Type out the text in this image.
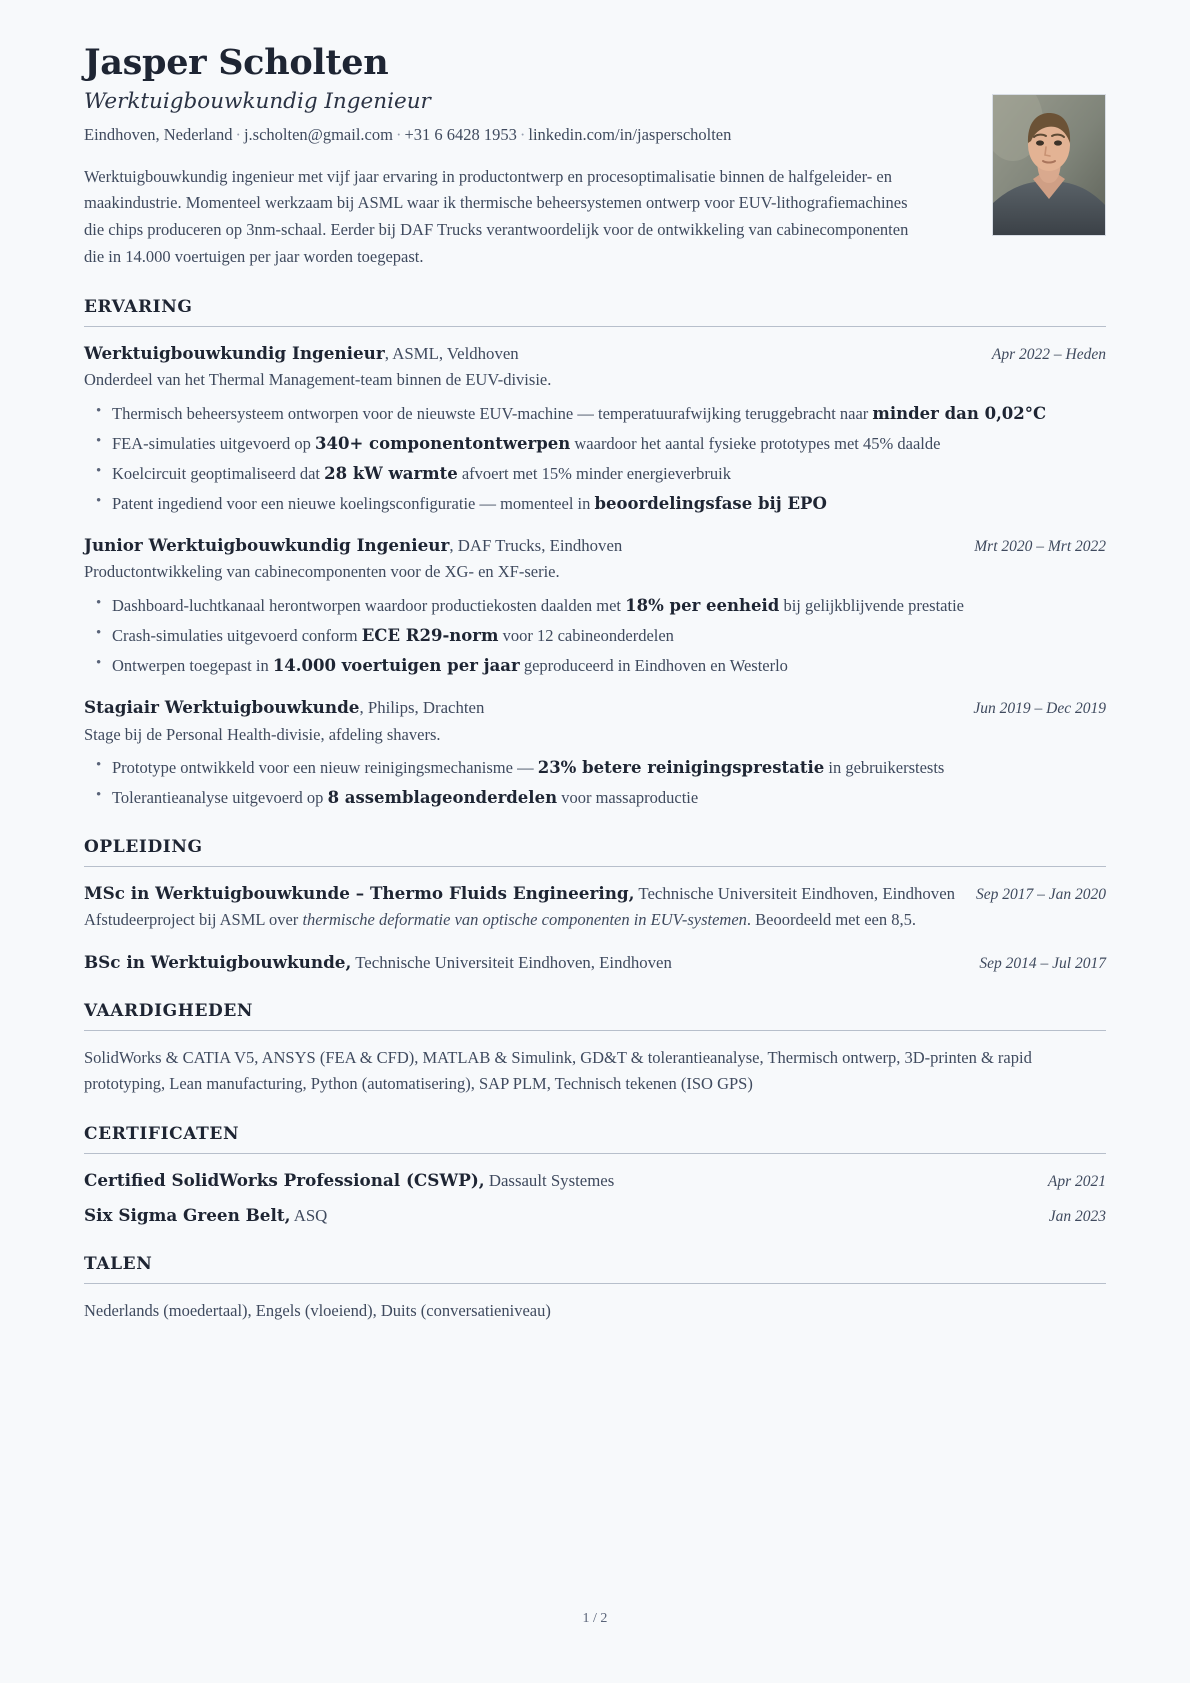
Jasper Scholten
Werktuigbouwkundig Ingenieur
Eindhoven, Nederland · j.scholten@gmail.com · +31 6 6428 1953 · linkedin.com/in/jasperscholten

Werktuigbouwkundig ingenieur met vijf jaar ervaring in productontwerp en procesoptimalisatie binnen de halfgeleider- en maakindustrie. Momenteel werkzaam bij ASML waar ik thermische beheersystemen ontwerp voor EUV-lithografiemachines die chips produceren op 3nm-schaal. Eerder bij DAF Trucks verantwoordelijk voor de ontwikkeling van cabinecomponenten die in 14.000 voertuigen per jaar worden toegepast.

ERVARING
Werktuigbouwkundig Ingenieur, ASML, Veldhoven	Apr 2022 – Heden

Onderdeel van het Thermal Management-team binnen de EUV-divisie.

• Thermisch beheersysteem ontworpen voor de nieuwste EUV-machine — temperatuurafwijking teruggebracht naar minder dan 0,02°C
• FEA-simulaties uitgevoerd op 340+ componentontwerpen waardoor het aantal fysieke prototypes met 45% daalde
• Koelcircuit geoptimaliseerd dat 28 kW warmte afvoert met 15% minder energieverbruik
• Patent ingediend voor een nieuwe koelingsconfiguratie — momenteel in beoordelingsfase bij EPO
Junior Werktuigbouwkundig Ingenieur, DAF Trucks, Eindhoven	Mrt 2020 – Mrt 2022

Productontwikkeling van cabinecomponenten voor de XG- en XF-serie.

• Dashboard-luchtkanaal herontworpen waardoor productiekosten daalden met 18% per eenheid bij gelijkblijvende prestatie
• Crash-simulaties uitgevoerd conform ECE R29-norm voor 12 cabineonderdelen
• Ontwerpen toegepast in 14.000 voertuigen per jaar geproduceerd in Eindhoven en Westerlo
Stagiair Werktuigbouwkunde, Philips, Drachten	Jun 2019 – Dec 2019

Stage bij de Personal Health-divisie, afdeling shavers.

• Prototype ontwikkeld voor een nieuw reinigingsmechanisme — 23% betere reinigingsprestatie in gebruikerstests
• Tolerantieanalyse uitgevoerd op 8 assemblageonderdelen voor massaproductie
OPLEIDING
MSc in Werktuigbouwkunde – Thermo Fluids Engineering, Technische Universiteit Eindhoven, Eindhoven Sep 2017 – Jan 2020

Afstudeerproject bij ASML over thermische deformatie van optische componenten in EUV-systemen. Beoordeeld met een 8,5.

BSc in Werktuigbouwkunde, Technische Universiteit Eindhoven, Eindhoven	Sep 2014 – Jul 2017
VAARDIGHEDEN

SolidWorks & CATIA V5, ANSYS (FEA & CFD), MATLAB & Simulink, GD&T & tolerantieanalyse, Thermisch ontwerp, 3D-printen & rapid prototyping, Lean manufacturing, Python (automatisering), SAP PLM, Technisch tekenen (ISO GPS)

CERTIFICATEN
Certified SolidWorks Professional (CSWP), Dassault Systemes	Apr 2021
Six Sigma Green Belt, ASQ	Jan 2023
TALEN

Nederlands (moedertaal), Engels (vloeiend), Duits (conversatieniveau)

1 / 2
